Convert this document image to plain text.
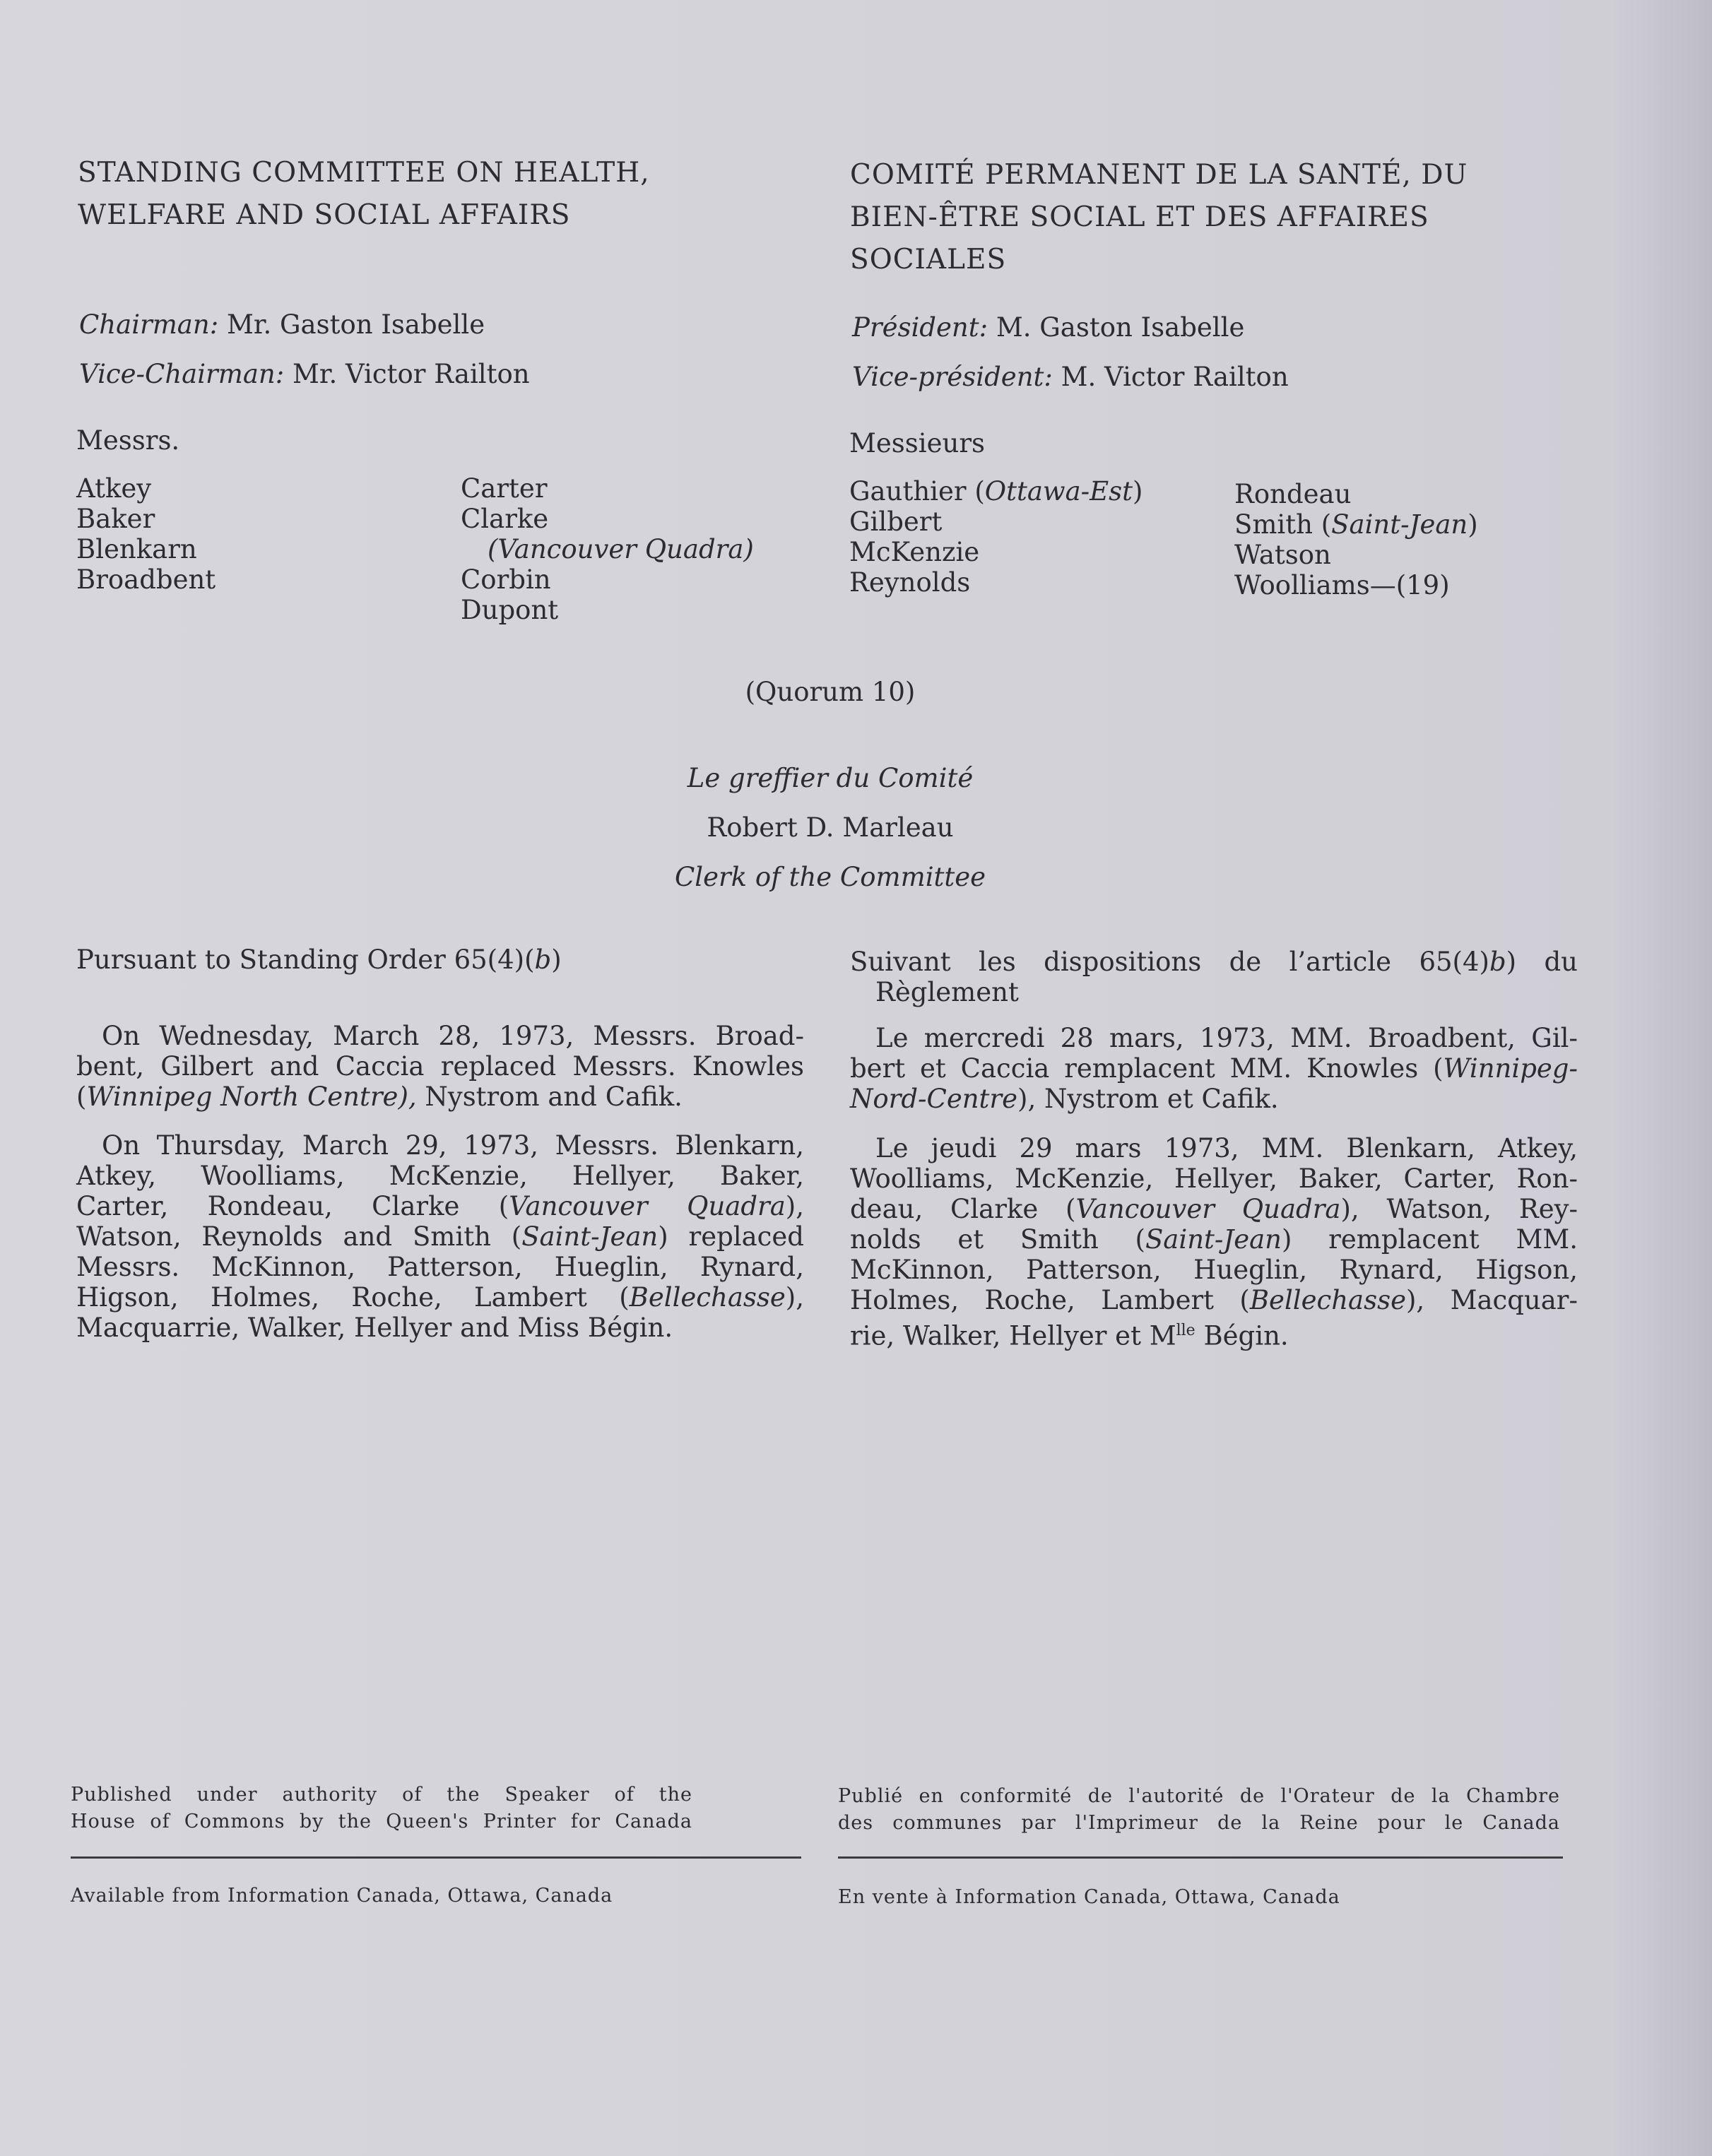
STANDING COMMITTEE ON HEALTH,
WELFARE AND SOCIAL AFFAIRS
COMITÉ PERMANENT DE LA SANTÉ, DU
BIEN-ÊTRE SOCIAL ET DES AFFAIRES
SOCIALES
Chairman: Mr. Gaston Isabelle
Vice-Chairman: Mr. Victor Railton
Président: M. Gaston Isabelle
Vice-président: M. Victor Railton
Messrs.
Atkey
Baker
Blenkarn
Broadbent
Carter
Clarke
(Vancouver Quadra)
Corbin
Dupont
Messieurs
Gauthier (Ottawa-Est)
Gilbert
McKenzie
Reynolds
Rondeau
Smith (Saint-Jean)
Watson
Woolliams—(19)
(Quorum 10)
Le greffier du Comité
Robert D. Marleau
Clerk of the Committee
Pursuant to Standing Order 65(4)(b)
On Wednesday, March 28, 1973, Messrs. Broad-
bent, Gilbert and Caccia replaced Messrs. Knowles
(Winnipeg North Centre), Nystrom and Cafik.
On Thursday, March 29, 1973, Messrs. Blenkarn,
Atkey, Woolliams, McKenzie, Hellyer, Baker,
Carter, Rondeau, Clarke (Vancouver Quadra),
Watson, Reynolds and Smith (Saint-Jean) replaced
Messrs. McKinnon, Patterson, Hueglin, Rynard,
Higson, Holmes, Roche, Lambert (Bellechasse),
Macquarrie, Walker, Hellyer and Miss Bégin.
Suivant les dispositions de l’article 65(4)b) du
Règlement
Le mercredi 28 mars, 1973, MM. Broadbent, Gil-
bert et Caccia remplacent MM. Knowles (Winnipeg-
Nord-Centre), Nystrom et Cafik.
Le jeudi 29 mars 1973, MM. Blenkarn, Atkey,
Woolliams, McKenzie, Hellyer, Baker, Carter, Ron-
deau, Clarke (Vancouver Quadra), Watson, Rey-
nolds et Smith (Saint-Jean) remplacent MM.
McKinnon, Patterson, Hueglin, Rynard, Higson,
Holmes, Roche, Lambert (Bellechasse), Macquar-
rie, Walker, Hellyer et $M^{lle}$ Bégin.
Published under authority of the Speaker of the
House of Commons by the Queen's Printer for Canada
Available from Information Canada, Ottawa, Canada
Publié en conformité de l'autorité de l'Orateur de la Chambre
des communes par l'Imprimeur de la Reine pour le Canada
En vente à Information Canada, Ottawa, Canada
